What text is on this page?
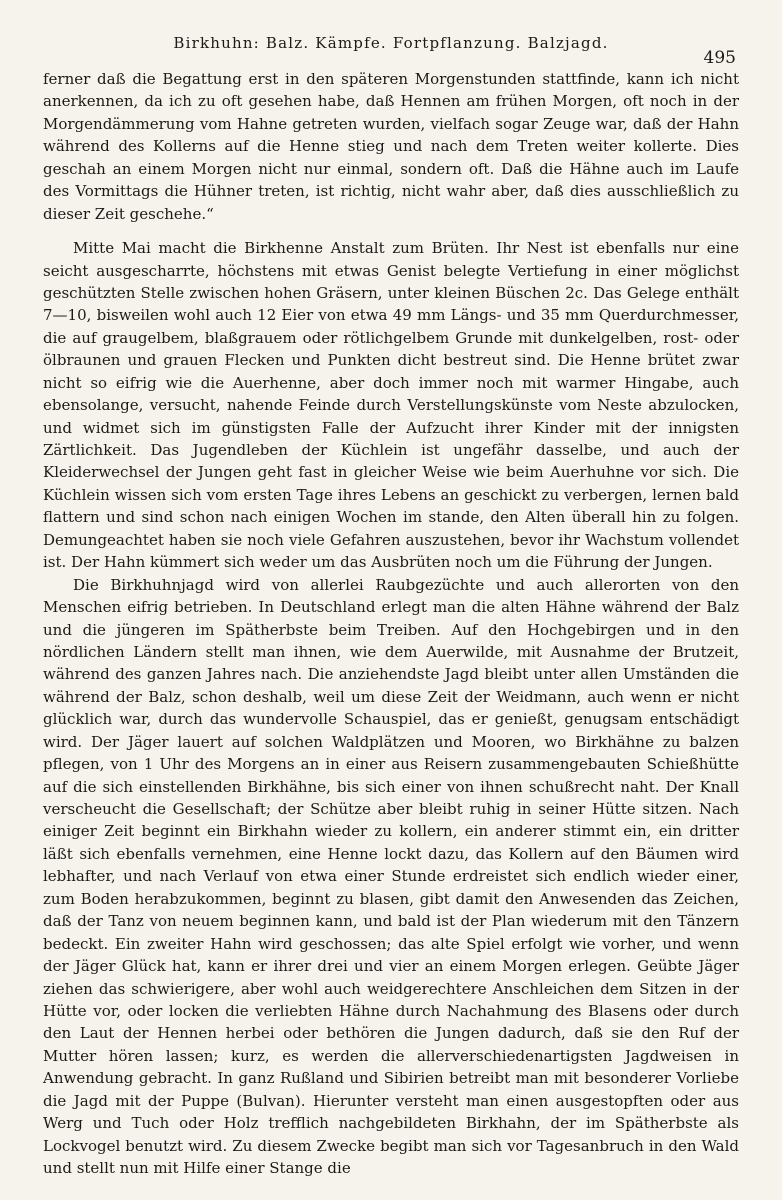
Birkhuhn: Balz. Kämpfe. Fortpflanzung. Balzjagd.
495

ferner daß die Begattung erst in den späteren Morgenstunden stattfinde, kann ich nicht anerkennen, da ich zu oft gesehen habe, daß Hennen am frühen Morgen, oft noch in der Morgendämmerung vom Hahne getreten wurden, vielfach sogar Zeuge war, daß der Hahn während des Kollerns auf die Henne stieg und nach dem Treten weiter kollerte. Dies geschah an einem Morgen nicht nur einmal, sondern oft. Daß die Hähne auch im Laufe des Vormittags die Hühner treten, ist richtig, nicht wahr aber, daß dies ausschließlich zu dieser Zeit geschehe.“

Mitte Mai macht die Birkhenne Anstalt zum Brüten. Ihr Nest ist ebenfalls nur eine seicht ausgescharrte, höchstens mit etwas Genist belegte Vertiefung in einer möglichst geschützten Stelle zwischen hohen Gräsern, unter kleinen Büschen 2c. Das Gelege enthält 7—10, bisweilen wohl auch 12 Eier von etwa 49 mm Längs- und 35 mm Querdurchmesser, die auf graugelbem, blaßgrauem oder rötlichgelbem Grunde mit dunkelgelben, rost- oder ölbraunen und grauen Flecken und Punkten dicht bestreut sind. Die Henne brütet zwar nicht so eifrig wie die Auerhenne, aber doch immer noch mit warmer Hingabe, auch ebensolange, versucht, nahende Feinde durch Verstellungskünste vom Neste abzulocken, und widmet sich im günstigsten Falle der Aufzucht ihrer Kinder mit der innigsten Zärtlichkeit. Das Jugendleben der Küchlein ist ungefähr dasselbe, und auch der Kleiderwechsel der Jungen geht fast in gleicher Weise wie beim Auerhuhne vor sich. Die Küchlein wissen sich vom ersten Tage ihres Lebens an geschickt zu verbergen, lernen bald flattern und sind schon nach einigen Wochen im stande, den Alten überall hin zu folgen. Demungeachtet haben sie noch viele Gefahren auszustehen, bevor ihr Wachstum vollendet ist. Der Hahn kümmert sich weder um das Ausbrüten noch um die Führung der Jungen.

Die Birkhuhnjagd wird von allerlei Raubgezüchte und auch allerorten von den Menschen eifrig betrieben. In Deutschland erlegt man die alten Hähne während der Balz und die jüngeren im Spätherbste beim Treiben. Auf den Hochgebirgen und in den nördlichen Ländern stellt man ihnen, wie dem Auerwilde, mit Ausnahme der Brutzeit, während des ganzen Jahres nach. Die anziehendste Jagd bleibt unter allen Umständen die während der Balz, schon deshalb, weil um diese Zeit der Weidmann, auch wenn er nicht glücklich war, durch das wundervolle Schauspiel, das er genießt, genugsam entschädigt wird. Der Jäger lauert auf solchen Waldplätzen und Mooren, wo Birkhähne zu balzen pflegen, von 1 Uhr des Morgens an in einer aus Reisern zusammengebauten Schießhütte auf die sich einstellenden Birkhähne, bis sich einer von ihnen schußrecht naht. Der Knall verscheucht die Gesellschaft; der Schütze aber bleibt ruhig in seiner Hütte sitzen. Nach einiger Zeit beginnt ein Birkhahn wieder zu kollern, ein anderer stimmt ein, ein dritter läßt sich ebenfalls vernehmen, eine Henne lockt dazu, das Kollern auf den Bäumen wird lebhafter, und nach Verlauf von etwa einer Stunde erdreistet sich endlich wieder einer, zum Boden herabzukommen, beginnt zu blasen, gibt damit den Anwesenden das Zeichen, daß der Tanz von neuem beginnen kann, und bald ist der Plan wiederum mit den Tänzern bedeckt. Ein zweiter Hahn wird geschossen; das alte Spiel erfolgt wie vorher, und wenn der Jäger Glück hat, kann er ihrer drei und vier an einem Morgen erlegen. Geübte Jäger ziehen das schwierigere, aber wohl auch weidgerechtere Anschleichen dem Sitzen in der Hütte vor, oder locken die verliebten Hähne durch Nachahmung des Blasens oder durch den Laut der Hennen herbei oder bethören die Jungen dadurch, daß sie den Ruf der Mutter hören lassen; kurz, es werden die allerverschiedenartigsten Jagdweisen in Anwendung gebracht. In ganz Rußland und Sibirien betreibt man mit besonderer Vorliebe die Jagd mit der Puppe (Bulvan). Hierunter versteht man einen ausgestopften oder aus Werg und Tuch oder Holz trefflich nachgebildeten Birkhahn, der im Spätherbste als Lockvogel benutzt wird. Zu diesem Zwecke begibt man sich vor Tagesanbruch in den Wald und stellt nun mit Hilfe einer Stange die
